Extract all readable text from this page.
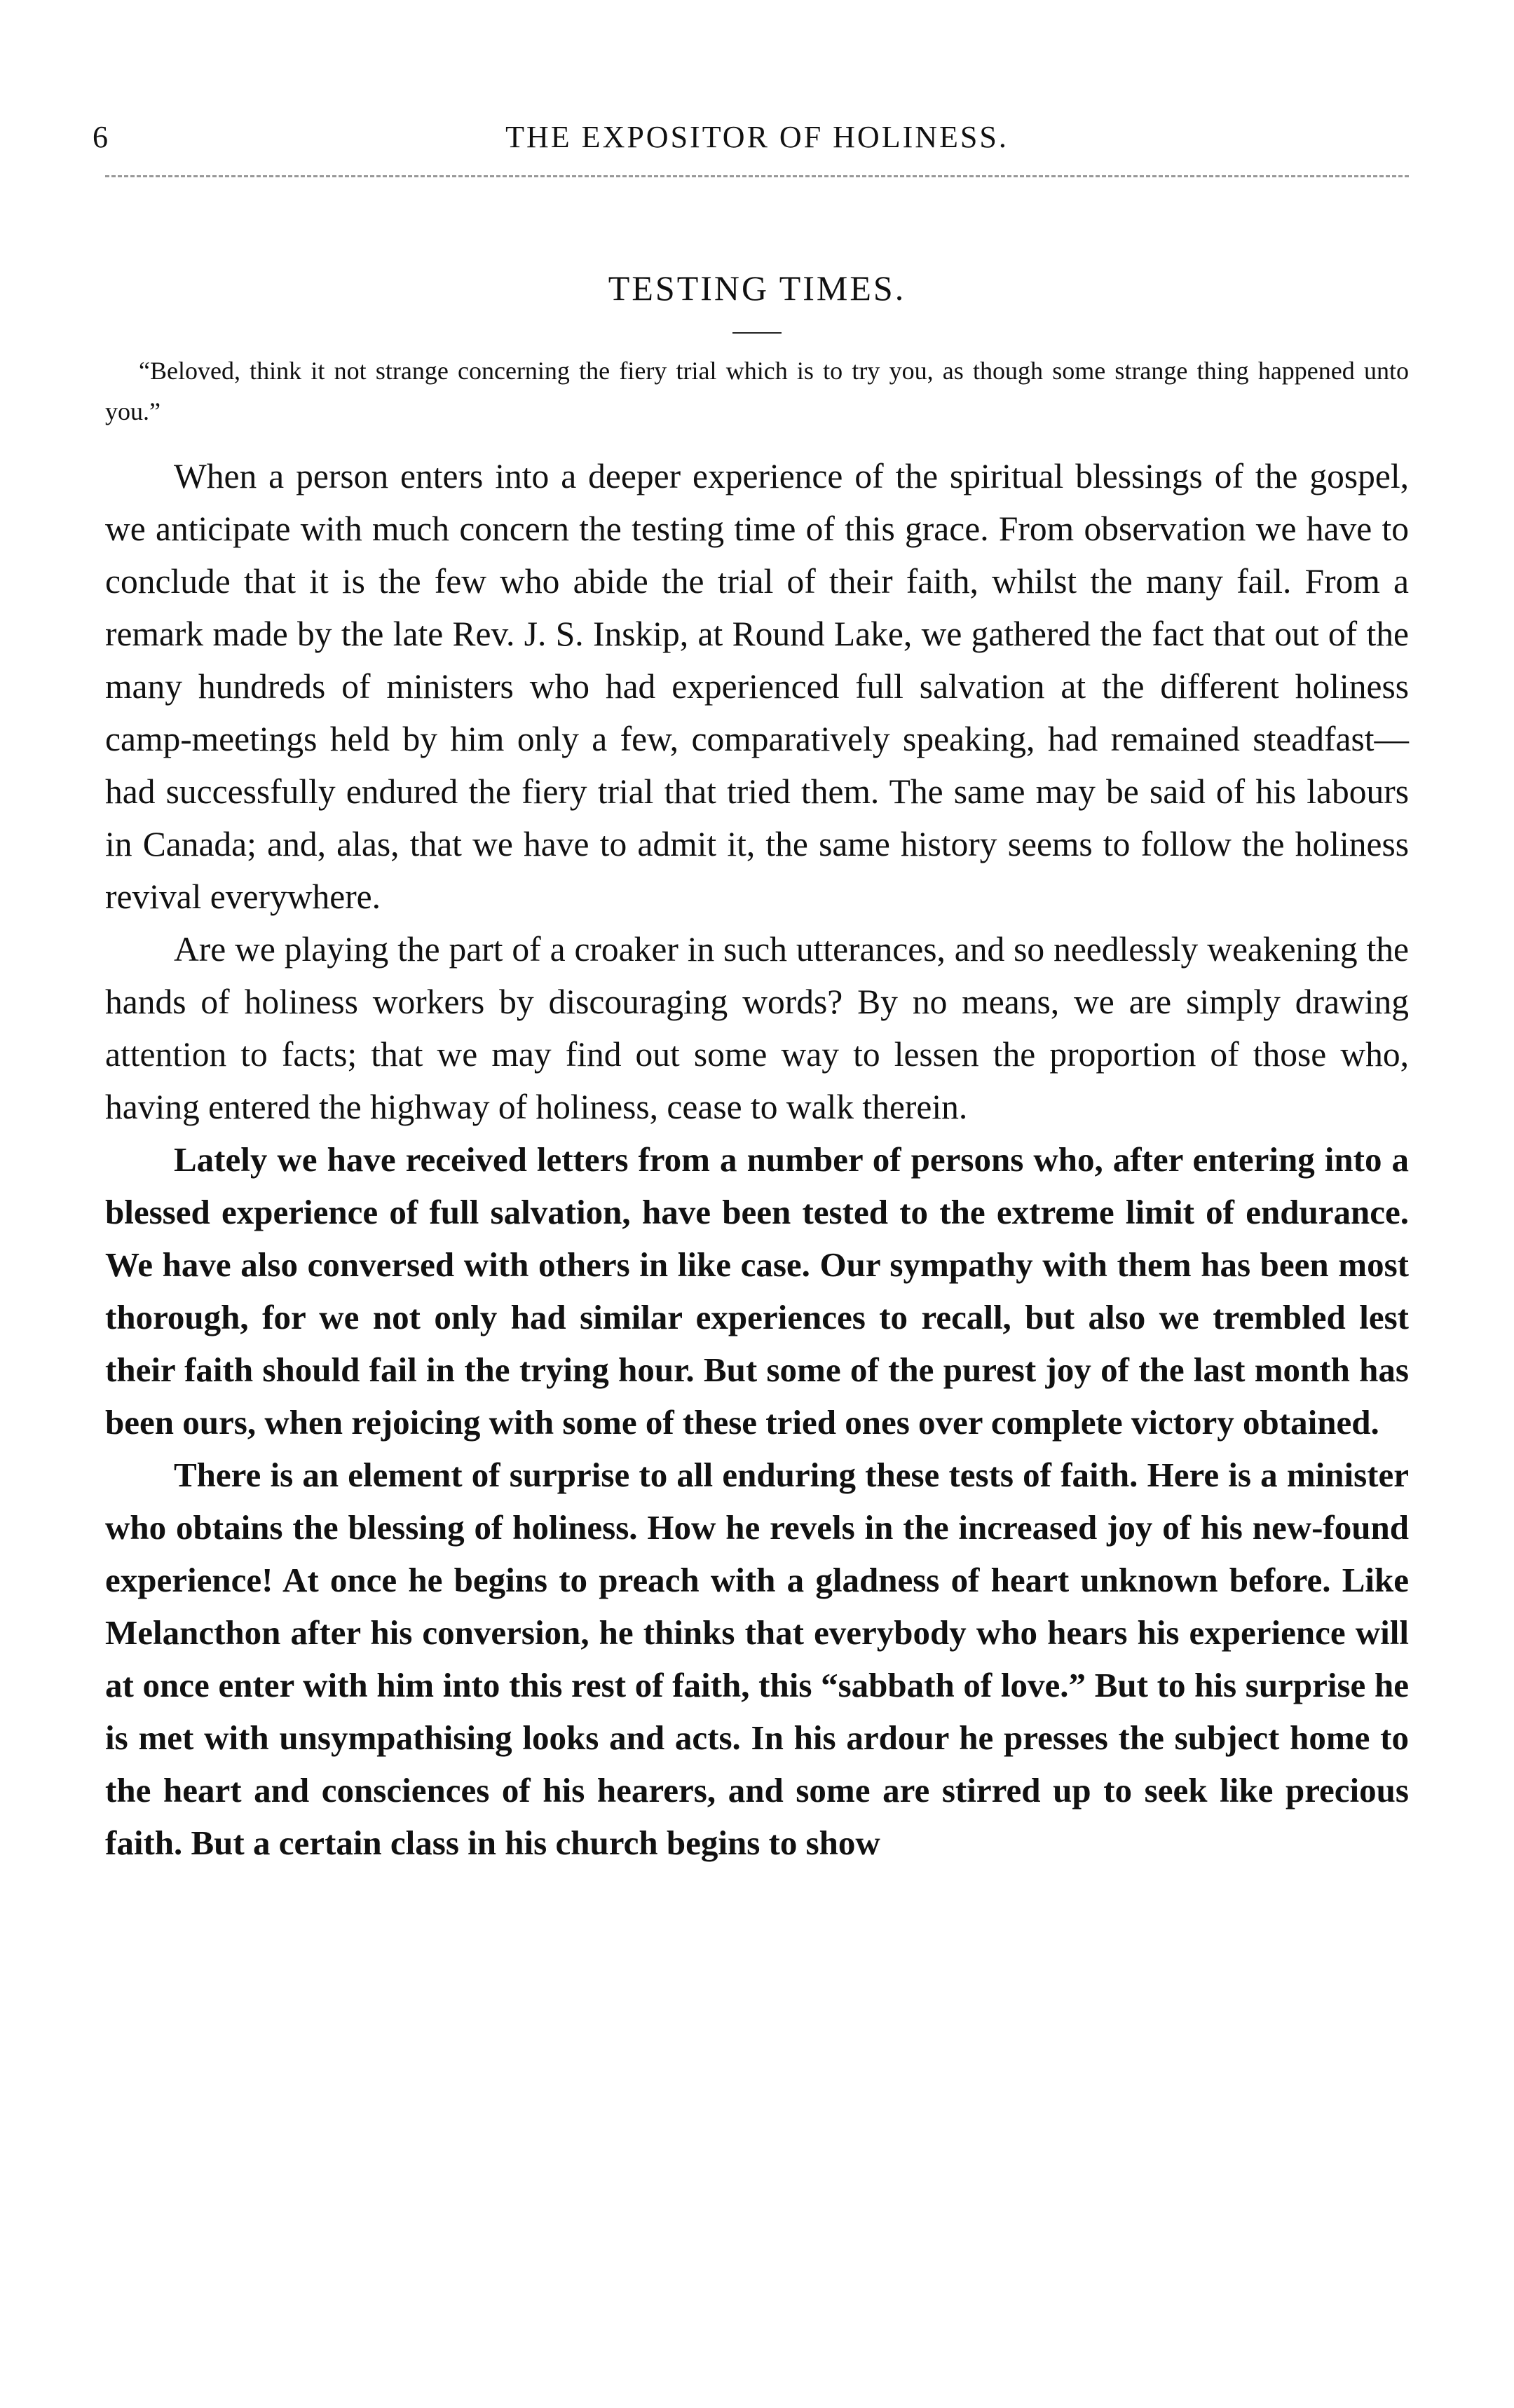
6	THE EXPOSITOR OF HOLINESS.
TESTING TIMES.

“Beloved, think it not strange concerning the fiery trial which is to try you, as though some strange thing happened unto you.”

When a person enters into a deeper experience of the spiritual blessings of the gospel, we anticipate with much concern the testing time of this grace. From observation we have to conclude that it is the few who abide the trial of their faith, whilst the many fail. From a remark made by the late Rev. J. S. Inskip, at Round Lake, we gathered the fact that out of the many hundreds of ministers who had experienced full salvation at the different holiness camp-meetings held by him only a few, comparatively speaking, had remained steadfast—had successfully endured the fiery trial that tried them. The same may be said of his labours in Canada; and, alas, that we have to admit it, the same history seems to follow the holiness revival everywhere.

Are we playing the part of a croaker in such utterances, and so needlessly weakening the hands of holiness workers by discouraging words? By no means, we are simply drawing attention to facts; that we may find out some way to lessen the proportion of those who, having entered the highway of holiness, cease to walk therein.

Lately we have received letters from a number of persons who, after entering into a blessed experience of full salvation, have been tested to the extreme limit of endurance. We have also conversed with others in like case. Our sympathy with them has been most thorough, for we not only had similar experiences to recall, but also we trembled lest their faith should fail in the trying hour. But some of the purest joy of the last month has been ours, when rejoicing with some of these tried ones over complete victory obtained.

There is an element of surprise to all enduring these tests of faith. Here is a minister who obtains the blessing of holiness. How he revels in the increased joy of his new-found experience! At once he begins to preach with a gladness of heart unknown before. Like Melancthon after his conversion, he thinks that everybody who hears his experience will at once enter with him into this rest of faith, this “sabbath of love.” But to his surprise he is met with unsympathising looks and acts. In his ardour he presses the subject home to the heart and consciences of his hearers, and some are stirred up to seek like precious faith. But a certain class in his church begins to show
